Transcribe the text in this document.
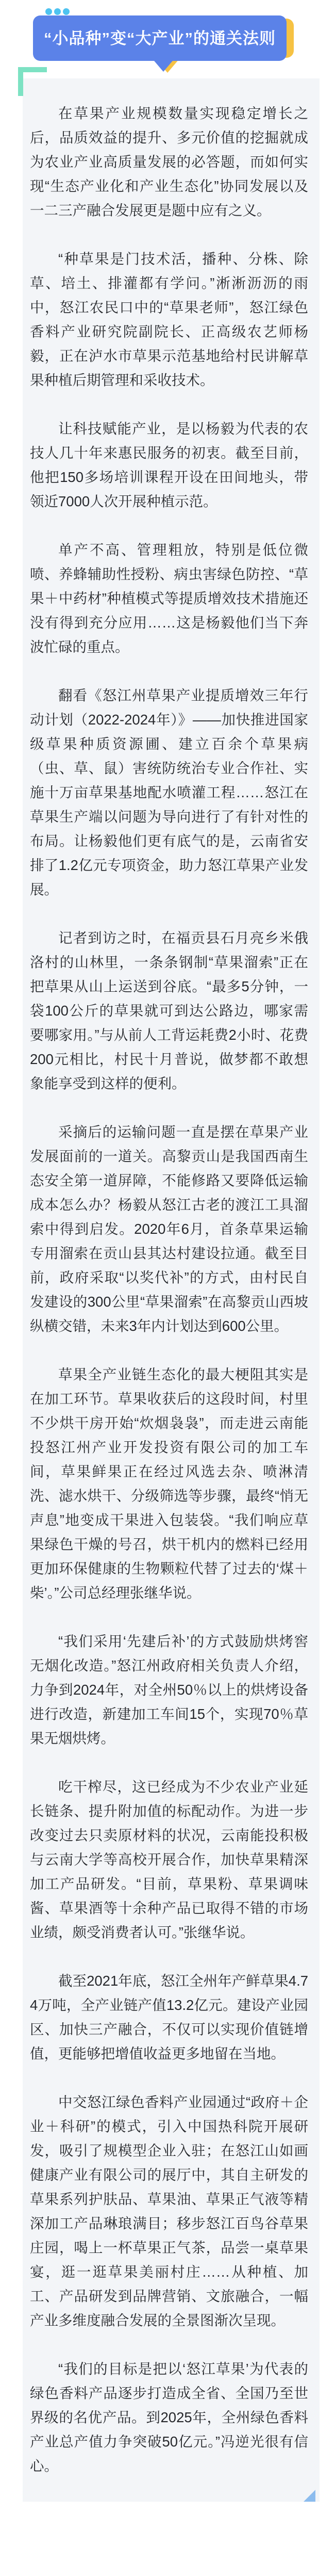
“小品种”变“大产业”的通关法则

在草果产业规模数量实现稳定增长之后，品质效益的提升、多元价值的挖掘就成为农业产业高质量发展的必答题，而如何实现“生态产业化和产业生态化”协同发展以及一二三产融合发展更是题中应有之义。

“种草果是门技术活，播种、分株、除草、培土、排灌都有学问。”淅淅沥沥的雨中，怒江农民口中的“草果老师”，怒江绿色香料产业研究院副院长、正高级农艺师杨毅，正在泸水市草果示范基地给村民讲解草果种植后期管理和采收技术。

让科技赋能产业，是以杨毅为代表的农技人几十年来惠民服务的初衷。截至目前，他把150多场培训课程开设在田间地头，带领近7000人次开展种植示范。

单产不高、管理粗放，特别是低位微喷、养蜂辅助性授粉、病虫害绿色防控、“草果＋中药材”种植模式等提质增效技术措施还没有得到充分应用……这是杨毅他们当下奔波忙碌的重点。

翻看《怒江州草果产业提质增效三年行动计划（2022-2024年）》——加快推进国家级草果种质资源圃、建立百余个草果病（虫、草、鼠）害统防统治专业合作社、实施十万亩草果基地配水喷灌工程……怒江在草果生产端以问题为导向进行了有针对性的布局。让杨毅他们更有底气的是，云南省安排了1.2亿元专项资金，助力怒江草果产业发展。

记者到访之时，在福贡县石月亮乡米俄洛村的山林里，一条条钢制“草果溜索”正在把草果从山上运送到谷底。“最多5分钟，一袋100公斤的草果就可到达公路边，哪家需要哪家用。”与从前人工背运耗费2小时、花费200元相比，村民十月普说，做梦都不敢想象能享受到这样的便利。

采摘后的运输问题一直是摆在草果产业发展面前的一道关。高黎贡山是我国西南生态安全第一道屏障，不能修路又要降低运输成本怎么办？杨毅从怒江古老的渡江工具溜索中得到启发。2020年6月，首条草果运输专用溜索在贡山县其达村建设拉通。截至目前，政府采取“以奖代补”的方式，由村民自发建设的300公里“草果溜索”在高黎贡山西坡纵横交错，未来3年内计划达到600公里。

草果全产业链生态化的最大梗阻其实是在加工环节。草果收获后的这段时间，村里不少烘干房开始“炊烟袅袅”，而走进云南能投怒江州产业开发投资有限公司的加工车间，草果鲜果正在经过风选去杂、喷淋清洗、滤水烘干、分级筛选等步骤，最终“悄无声息”地变成干果进入包装袋。“我们响应草果绿色干燥的号召，烘干机内的燃料已经用更加环保健康的生物颗粒代替了过去的‘煤＋柴’。”公司总经理张继华说。

“我们采用‘先建后补’的方式鼓励烘烤窖无烟化改造。”怒江州政府相关负责人介绍，力争到2024年，对全州50％以上的烘烤设备进行改造，新建加工车间15个，实现70％草果无烟烘烤。

吃干榨尽，这已经成为不少农业产业延长链条、提升附加值的标配动作。为进一步改变过去只卖原材料的状况，云南能投积极与云南大学等高校开展合作，加快草果精深加工产品研发。“目前，草果粉、草果调味酱、草果酒等十余种产品已取得不错的市场业绩，颇受消费者认可。”张继华说。

截至2021年底，怒江全州年产鲜草果4.74万吨，全产业链产值13.2亿元。建设产业园区、加快三产融合，不仅可以实现价值链增值，更能够把增值收益更多地留在当地。

中交怒江绿色香料产业园通过“政府＋企业＋科研”的模式，引入中国热科院开展研发，吸引了规模型企业入驻；在怒江山如画健康产业有限公司的展厅中，其自主研发的草果系列护肤品、草果油、草果正气液等精深加工产品琳琅满目；移步怒江百鸟谷草果庄园，喝上一杯草果正气茶，品尝一桌草果宴，逛一逛草果美丽村庄……从种植、加工、产品研发到品牌营销、文旅融合，一幅产业多维度融合发展的全景图渐次呈现。

“我们的目标是把以‘怒江草果’为代表的绿色香料产品逐步打造成全省、全国乃至世界级的名优产品。到2025年，全州绿色香料产业总产值力争突破50亿元。”冯逆光很有信心。
